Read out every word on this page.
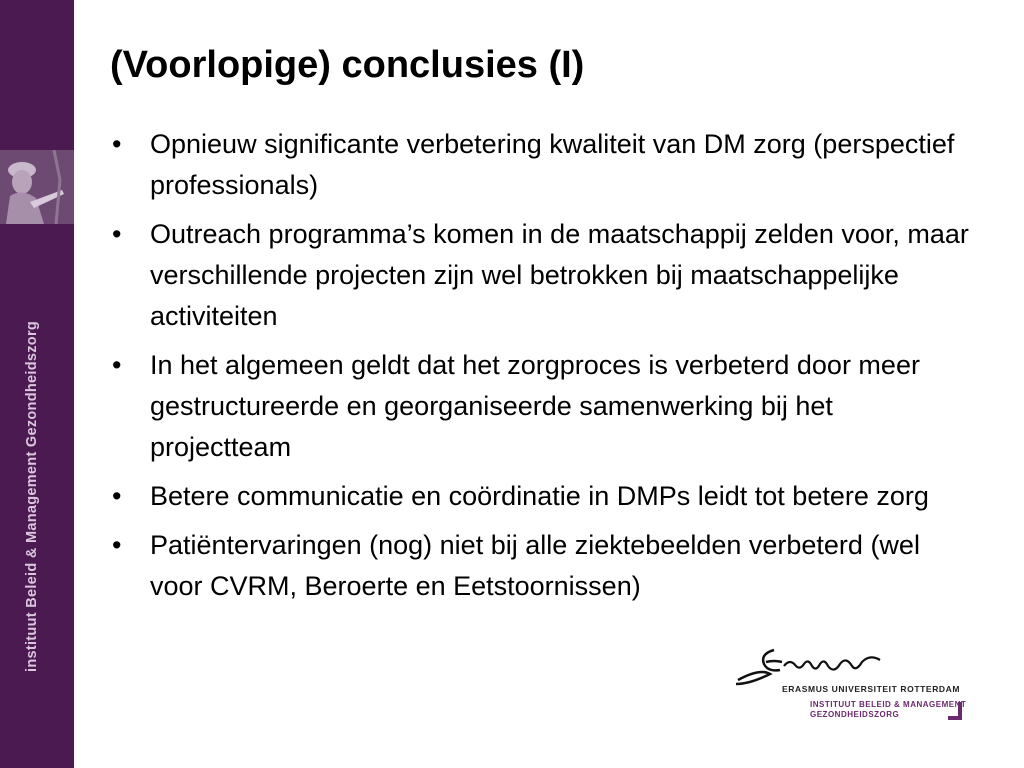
instituut Beleid & Management Gezondheidszorg
(Voorlopige) conclusies (I)
• Opnieuw significante verbetering kwaliteit van DM zorg (perspectief professionals)
• Outreach programma’s komen in de maatschappij zelden voor, maar verschillende projecten zijn wel betrokken bij maatschappelijke activiteiten
• In het algemeen geldt dat het zorgproces is verbeterd door meer gestructureerde en georganiseerde samenwerking bij het projectteam
• Betere communicatie en coördinatie in DMPs leidt tot betere zorg
• Patiëntervaringen (nog) niet bij alle ziektebeelden verbeterd (wel voor CVRM, Beroerte en Eetstoornissen)
ERASMUS UNIVERSITEIT ROTTERDAM
INSTITUUT BELEID & MANAGEMENT
GEZONDHEIDSZORG
